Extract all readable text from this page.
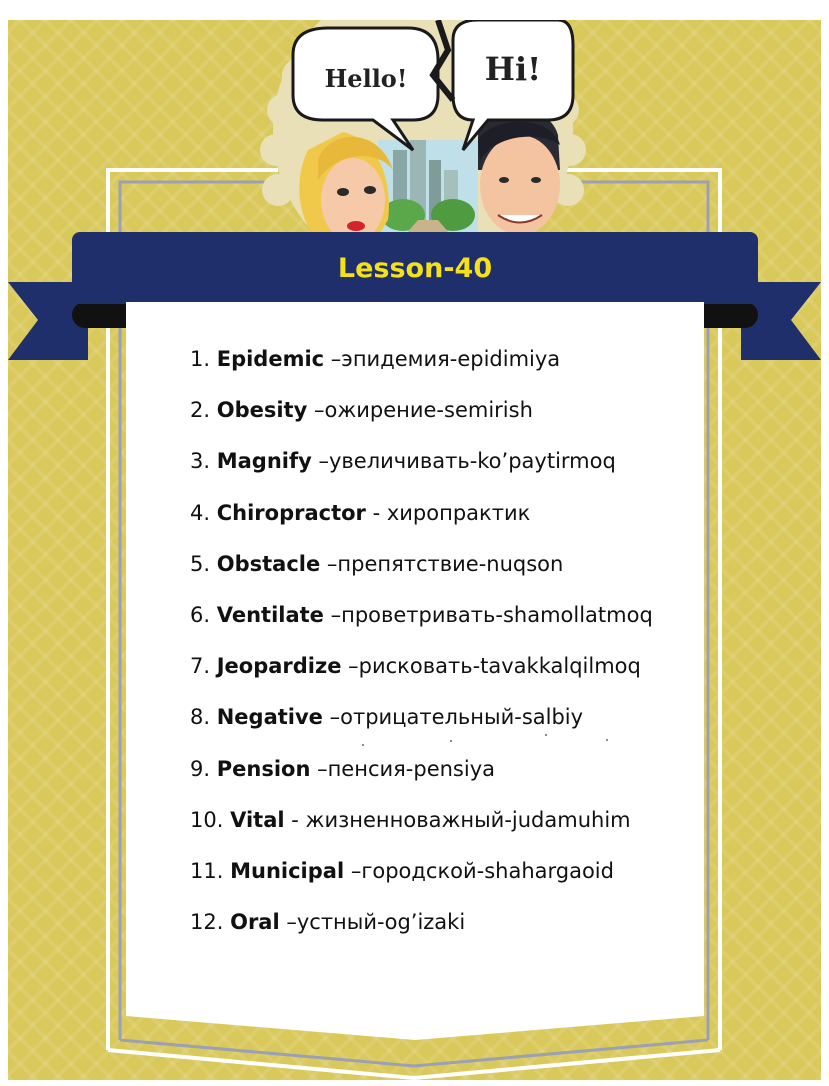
Hello! Hi!
Lesson-40
1. Epidemic –эпидемия-epidimiya
2. Obesity –ожирение-semirish
3. Magnify –увеличивать-ko’paytirmoq
4. Chiropractor - хиропрактик
5. Obstacle –препятствие-nuqson
6. Ventilate –проветривать-shamollatmoq
7. Jeopardize –рисковать-tavakkalqilmoq
8. Negative –отрицательный-salbiy
9. Pension –пенсия-pensiya
10. Vital - жизненноважный-judamuhim
11. Municipal –городской-shahargaoid
12. Oral –устный-og’izaki
